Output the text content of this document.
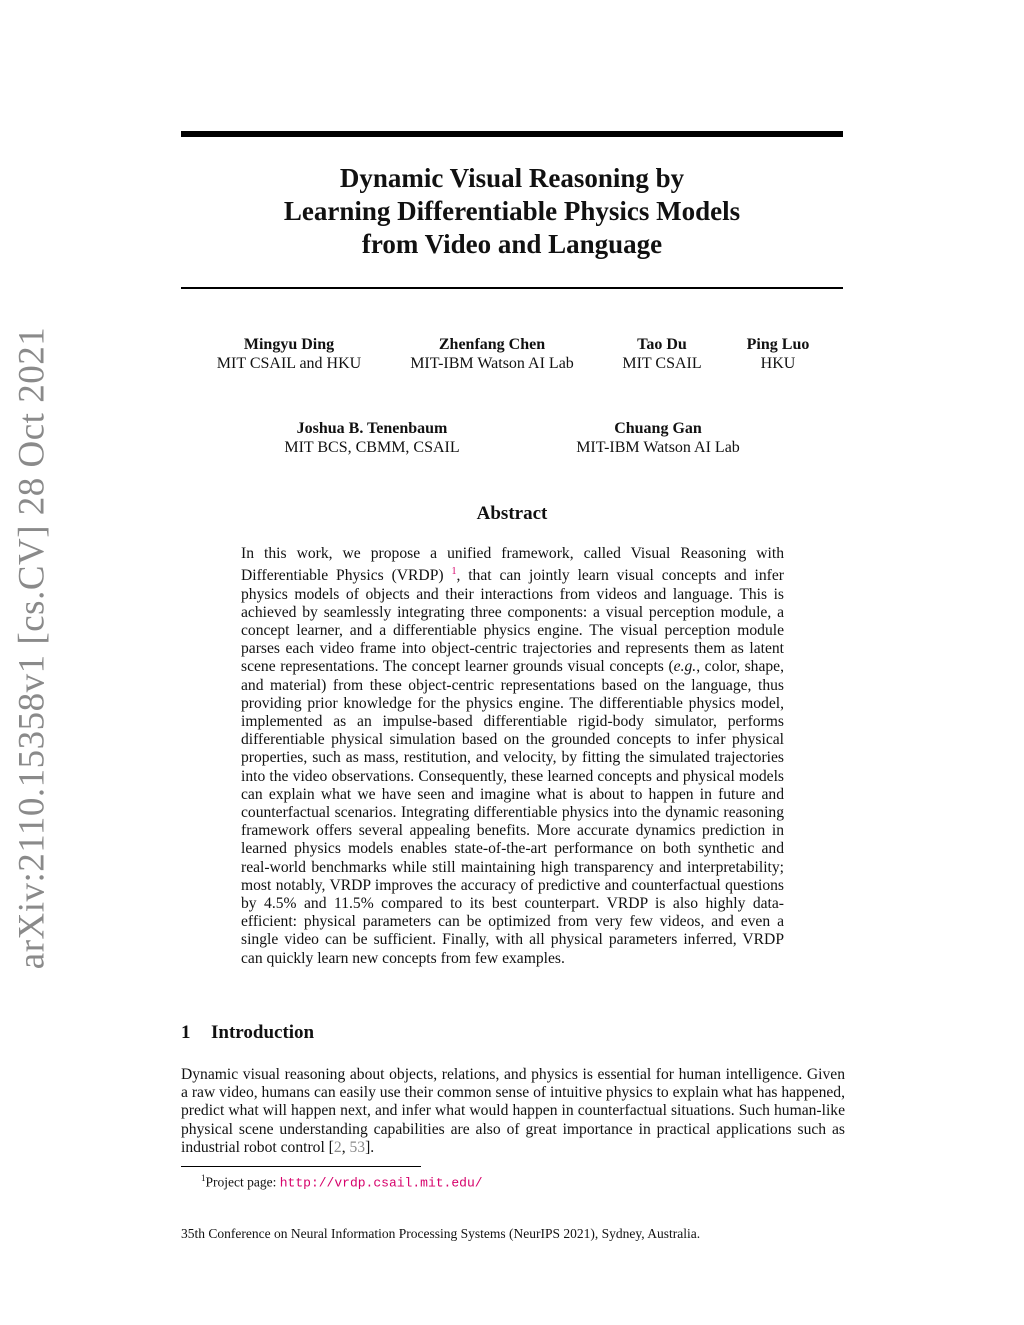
arXiv:2110.15358v1 [cs.CV] 28 Oct 2021
Dynamic Visual Reasoning by
Learning Differentiable Physics Models
from Video and Language
Mingyu Ding
MIT CSAIL and HKU
Zhenfang Chen
MIT-IBM Watson AI Lab
Tao Du
MIT CSAIL
Ping Luo
HKU
Joshua B. Tenenbaum
MIT BCS, CBMM, CSAIL
Chuang Gan
MIT-IBM Watson AI Lab
Abstract
In this work, we propose a unified framework, called Visual Reasoning with Differentiable Physics (VRDP) $^1$, that can jointly learn visual concepts and infer physics models of objects and their interactions from videos and language. This is achieved by seamlessly integrating three components: a visual perception module, a concept learner, and a differentiable physics engine. The visual perception module parses each video frame into object-centric trajectories and represents them as latent scene representations. The concept learner grounds visual concepts (e.g., color, shape, and material) from these object-centric representations based on the language, thus providing prior knowledge for the physics engine. The differentiable physics model, implemented as an impulse-based differentiable rigid-body simulator, performs differentiable physical simulation based on the grounded concepts to infer physical properties, such as mass, restitution, and velocity, by fitting the simulated trajectories into the video observations. Consequently, these learned concepts and physical models can explain what we have seen and imagine what is about to happen in future and counterfactual scenarios. Integrating differentiable physics into the dynamic reasoning framework offers several appealing benefits. More accurate dynamics prediction in learned physics models enables state-of-the-art performance on both synthetic and real-world benchmarks while still maintaining high transparency and interpretability; most notably, VRDP improves the accuracy of predictive and counterfactual questions by 4.5% and 11.5% compared to its best counterpart. VRDP is also highly data-efficient: physical parameters can be optimized from very few videos, and even a single video can be sufficient. Finally, with all physical parameters inferred, VRDP can quickly learn new concepts from few examples.
1 Introduction
Dynamic visual reasoning about objects, relations, and physics is essential for human intelligence. Given a raw video, humans can easily use their common sense of intuitive physics to explain what has happened, predict what will happen next, and infer what would happen in counterfactual situations. Such human-like physical scene understanding capabilities are also of great importance in practical applications such as industrial robot control [2, 53].
$^1$Project page: http://vrdp.csail.mit.edu/
35th Conference on Neural Information Processing Systems (NeurIPS 2021), Sydney, Australia.
